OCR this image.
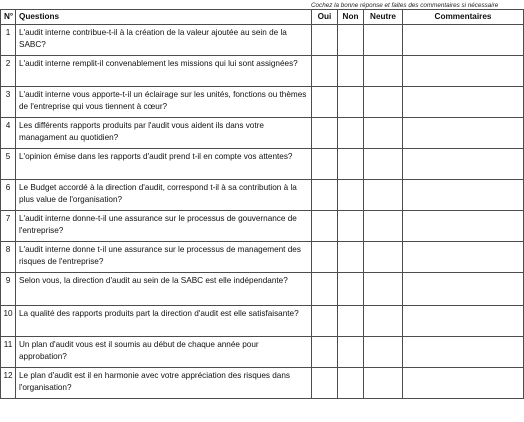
Cochez la bonne réponse et faites des commentaires si nécessaire
N°	Questions	Oui	Non	Neutre	Commentaires
1	L'audit interne contribue-t-il à la création de la valeur ajoutée au sein de la SABC?				
2	L'audit interne remplit-il convenablement les missions qui lui sont assignées?				
3	L'audit interne vous apporte-t-il un éclairage sur les unités, fonctions ou thèmes de l'entreprise qui vous tiennent à cœur?				
4	Les différents rapports produits par l'audit vous aident ils dans votre managament au quotidien?				
5	L'opinion émise dans les rapports d'audit prend t-il en compte vos attentes?				
6	Le Budget accordé à la direction d'audit, correspond t-il à sa contribution à la plus value de l'organisation?				
7	L'audit interne donne-t-il une assurance sur le processus de gouvernance de l'entreprise?				
8	L'audit interne donne t-il une assurance sur le processus de management des risques de l'entreprise?				
9	Selon vous, la direction d'audit au sein de la SABC est elle indépendante?				
10	La qualité des rapports produits part la direction d'audit est elle satisfaisante?				
11	Un plan d'audit vous est il soumis au début de chaque année pour approbation?				
12	Le plan d'audit est il en harmonie avec votre appréciation des risques dans l'organisation?				
